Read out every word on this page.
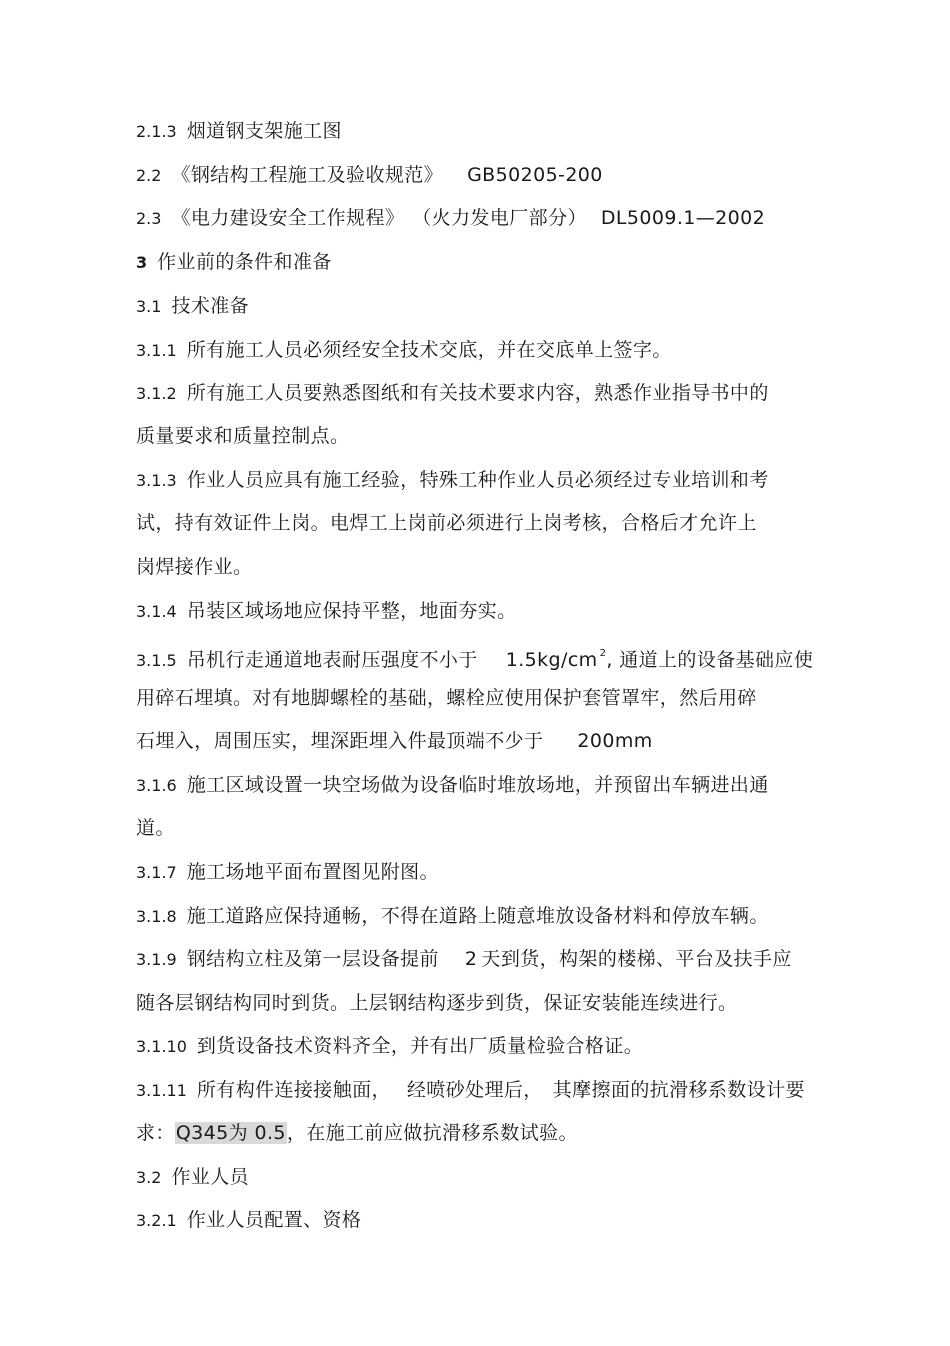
2.1.3 烟道钢支架施工图
2.2 《钢结构工程施工及验收规范》 GB50205-200
2.3 《电力建设安全工作规程》 （火力发电厂部分） DL5009.1—2002
3 作业前的条件和准备
3.1 技术准备
3.1.1 所有施工人员必须经安全技术交底，并在交底单上签字。
3.1.2 所有施工人员要熟悉图纸和有关技术要求内容，熟悉作业指导书中的
质量要求和质量控制点。
3.1.3 作业人员应具有施工经验，特殊工种作业人员必须经过专业培训和考
试，持有效证件上岗。电焊工上岗前必须进行上岗考核，合格后才允许上
岗焊接作业。
3.1.4 吊装区域场地应保持平整，地面夯实。
3.1.5 吊机行走通道地表耐压强度不小于 1.5kg/cm $^2$, 通道上的设备基础应使
用碎石埋填。对有地脚螺栓的基础，螺栓应使用保护套管罩牢，然后用碎
石埋入，周围压实，埋深距埋入件最顶端不少于 200mm
3.1.6 施工区域设置一块空场做为设备临时堆放场地，并预留出车辆进出通
道。
3.1.7 施工场地平面布置图见附图。
3.1.8 施工道路应保持通畅，不得在道路上随意堆放设备材料和停放车辆。
3.1.9 钢结构立柱及第一层设备提前 2 天到货，构架的楼梯、平台及扶手应
随各层钢结构同时到货。上层钢结构逐步到货，保证安装能连续进行。
3.1.10 到货设备技术资料齐全，并有出厂质量检验合格证。
3.1.11 所有构件连接接触面， 经喷砂处理后， 其摩擦面的抗滑移系数设计要
求：Q345为 0.5，在施工前应做抗滑移系数试验。
3.2 作业人员
3.2.1 作业人员配置、资格
